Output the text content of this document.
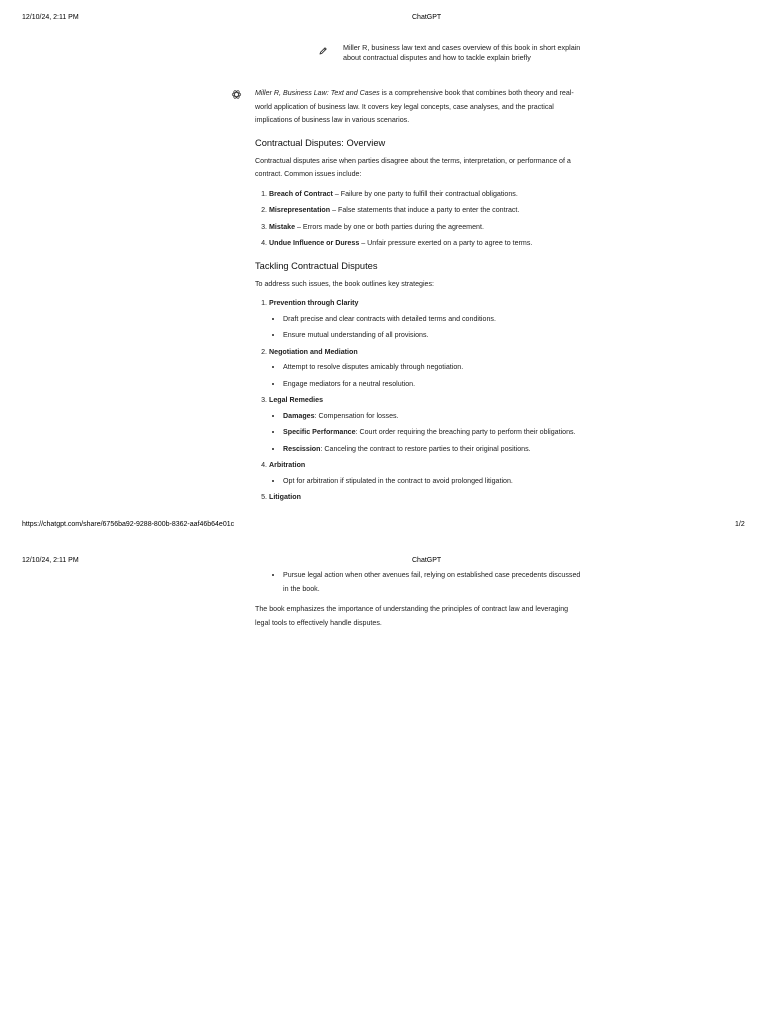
12/10/24, 2:11 PM	ChatGPT
Miller R, business law text and cases overview of this book in short explain about contractual disputes and how to tackle explain briefly

Miller R, Business Law: Text and Cases is a comprehensive book that combines both theory and real-world application of business law. It covers key legal concepts, case analyses, and the practical implications of business law in various scenarios.

Contractual Disputes: Overview

Contractual disputes arise when parties disagree about the terms, interpretation, or performance of a contract. Common issues include:

1. Breach of Contract – Failure by one party to fulfill their contractual obligations.
2. Misrepresentation – False statements that induce a party to enter the contract.
3. Mistake – Errors made by one or both parties during the agreement.
4. Undue Influence or Duress – Unfair pressure exerted on a party to agree to terms.
Tackling Contractual Disputes

To address such issues, the book outlines key strategies:

1. Prevention through Clarity
• Draft precise and clear contracts with detailed terms and conditions.
• Ensure mutual understanding of all provisions.
2. Negotiation and Mediation
• Attempt to resolve disputes amicably through negotiation.
• Engage mediators for a neutral resolution.
3. Legal Remedies
• Damages: Compensation for losses.
• Specific Performance: Court order requiring the breaching party to perform their obligations.
• Rescission: Canceling the contract to restore parties to their original positions.
4. Arbitration
• Opt for arbitration if stipulated in the contract to avoid prolonged litigation.
5. Litigation
https://chatgpt.com/share/6756ba92-9288-800b-8362-aaf46b64e01c	1/2
12/10/24, 2:11 PM	ChatGPT
• Pursue legal action when other avenues fail, relying on established case precedents discussed in the book.

The book emphasizes the importance of understanding the principles of contract law and leveraging legal tools to effectively handle disputes.
